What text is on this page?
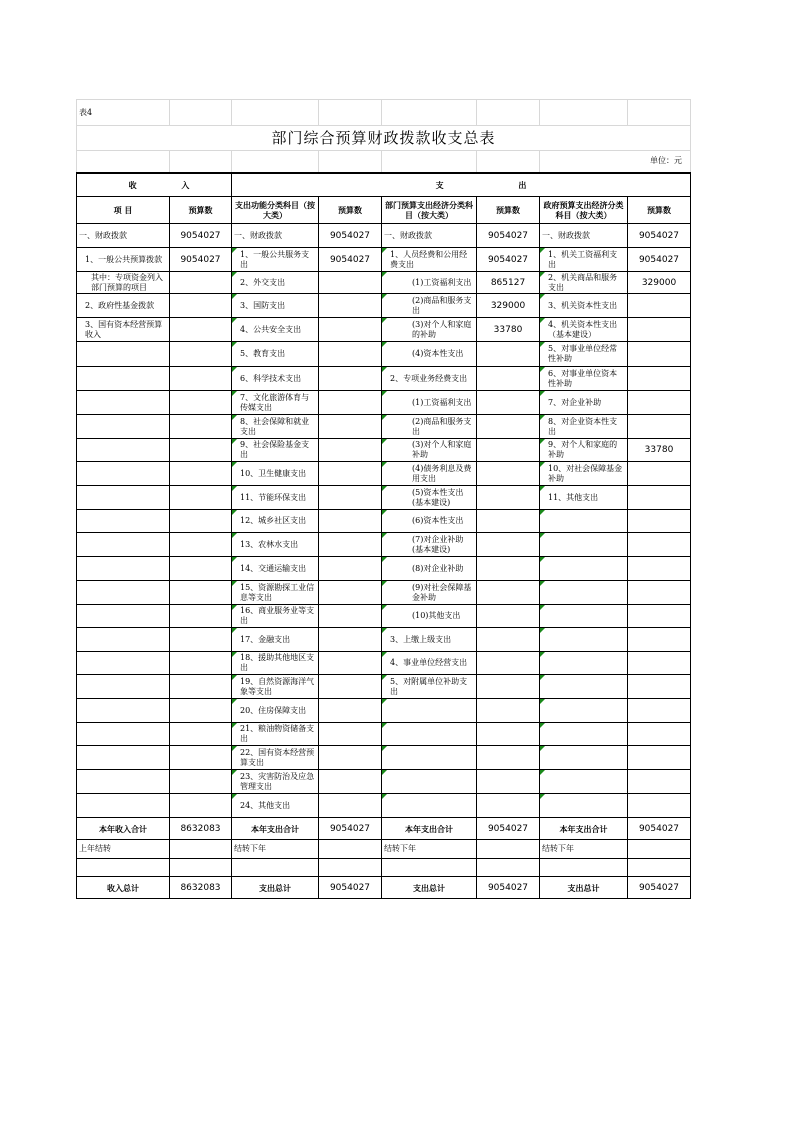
表4							
部门综合预算财政拨款收支总表							
						单位：元	
收 入		支 出					
项 目	预算数	支出功能分类科目（按大类）	预算数	部门预算支出经济分类科目（按大类）	预算数	政府预算支出经济分类科目（按大类）	预算数
一、财政拨款	9054027	一、财政拨款	9054027	一、财政拨款	9054027	一、财政拨款	9054027
1、一般公共预算拨款	9054027	1、一般公共服务支出	9054027	1、人员经费和公用经费支出	9054027	1、机关工资福利支出	9054027
其中：专项资金列入部门预算的项目		2、外交支出		(1)工资福利支出	865127	2、机关商品和服务支出	329000
2、政府性基金拨款		3、国防支出		(2)商品和服务支出	329000	3、机关资本性支出	
3、国有资本经营预算收入		4、公共安全支出		(3)对个人和家庭的补助	33780	4、机关资本性支出（基本建设）	
		5、教育支出		(4)资本性支出		5、对事业单位经常性补助	
		6、科学技术支出		2、专项业务经费支出		6、对事业单位资本性补助	
		7、文化旅游体育与传媒支出		(1)工资福利支出		7、对企业补助	
		8、社会保障和就业支出		(2)商品和服务支出		8、对企业资本性支出	
		9、社会保险基金支出		(3)对个人和家庭补助		9、对个人和家庭的补助	33780
		10、卫生健康支出		(4)债务利息及费用支出		10、对社会保障基金补助	
		11、节能环保支出		(5)资本性支出(基本建设)		11、其他支出	
		12、城乡社区支出		(6)资本性支出			
		13、农林水支出		(7)对企业补助(基本建设)			
		14、交通运输支出		(8)对企业补助			
		15、资源勘探工业信息等支出		(9)对社会保障基金补助			
		16、商业服务业等支出		(10)其他支出			
		17、金融支出		3、上缴上级支出			
		18、援助其他地区支出		4、事业单位经营支出			
		19、自然资源海洋气象等支出		5、对附属单位补助支出			
		20、住房保障支出					
		21、粮油物资储备支出					
		22、国有资本经营预算支出					
		23、灾害防治及应急管理支出					
		24、其他支出					
本年收入合计	8632083	本年支出合计	9054027	本年支出合计	9054027	本年支出合计	9054027
上年结转		结转下年		结转下年		结转下年	

收入总计	8632083	支出总计	9054027	支出总计	9054027	支出总计	9054027
